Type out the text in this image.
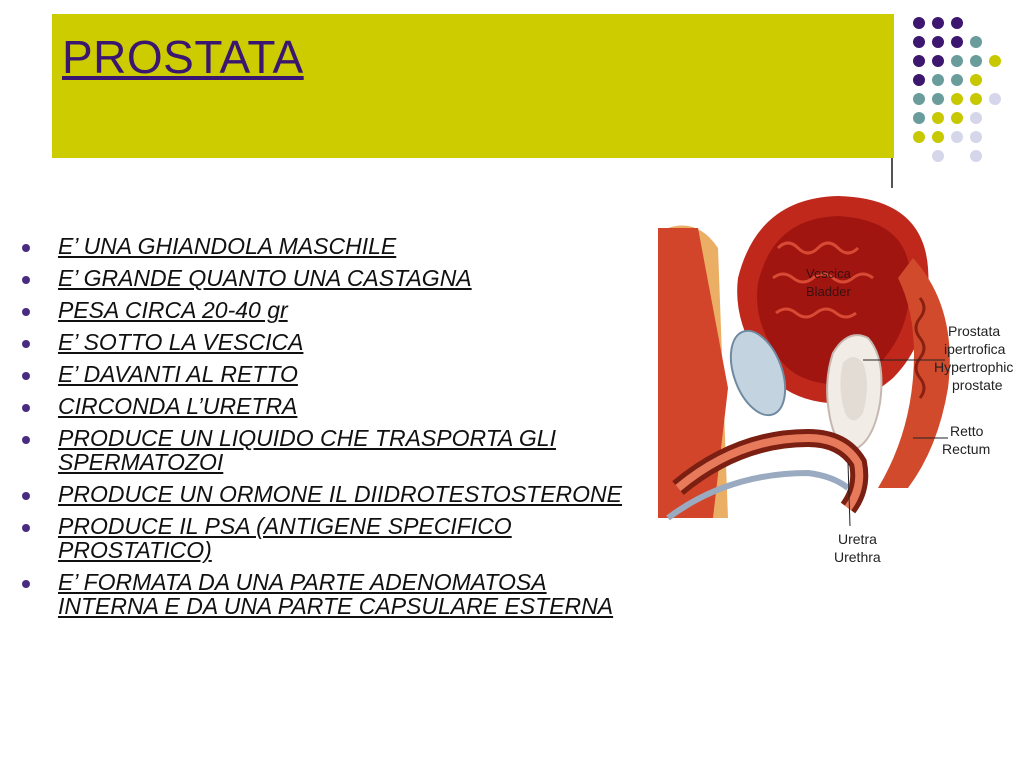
PROSTATA
E’ UNA GHIANDOLA MASCHILE
E’ GRANDE QUANTO UNA CASTAGNA
PESA CIRCA 20-40 gr
E’ SOTTO LA VESCICA
E’ DAVANTI AL RETTO
CIRCONDA L’URETRA
PRODUCE UN LIQUIDO CHE TRASPORTA GLI SPERMATOZOI
PRODUCE UN ORMONE IL DIIDROTESTOSTERONE
PRODUCE IL PSA (ANTIGENE SPECIFICO PROSTATICO)
E’ FORMATA DA UNA PARTE ADENOMATOSA INTERNA E DA UNA PARTE CAPSULARE ESTERNA
Vescica
Bladder
Prostata
ipertrofica
Hypertrophic
prostate
Retto
Rectum
Uretra
Urethra
